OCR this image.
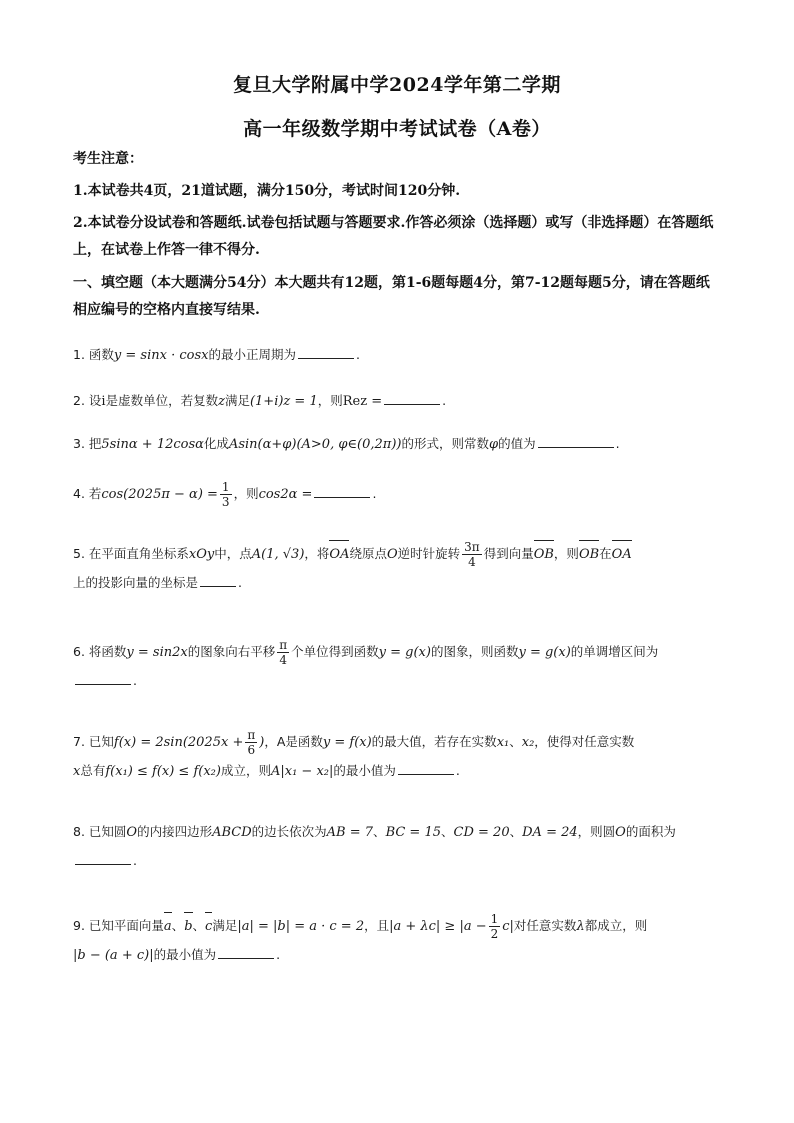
复旦大学附属中学2024学年第二学期
高一年级数学期中考试试卷（A卷）
考生注意：
1.本试卷共4页，21道试题，满分150分，考试时间120分钟.
2.本试卷分设试卷和答题纸.试卷包括试题与答题要求.作答必须涂（选择题）或写（非选择题）在答题纸上，在试卷上作答一律不得分.
一、填空题（本大题满分54分）本大题共有12题，第1-6题每题4分，第7-12题每题5分，请在答题纸相应编号的空格内直接写结果.
1. 函数y = sinx · cosx的最小正周期为	.
2. 设i是虚数单位，若复数z满足(1+i)z = 1，则Rez =	.
3. 把5sinα + 12cosα化成Asin(α+φ)(A>0, φ∈(0,2π))的形式，则常数φ的值为	.
4. 若$\cos(2025\pi - \alpha) = \frac{1}{3}$ ，则cos2α =	.
5. 在平面直角坐标系xOy中，点A(1, √3)，将OA绕原点O逆时针旋转 $\frac{3\pi}{4}$ 得到向量OB，则OB在OA
上的投影向量的坐标是	.
6. 将函数y = sin2x的图象向右平移 $\frac{\pi}{4}$ 个单位得到函数y = g(x)的图象，则函数y = g(x)的单调增区间为
.
7. 已知$f(x) = 2\sin(2025x + \frac{\pi}{6}$ )，A是函数y = f(x)的最大值，若存在实数x₁、x₂，使得对任意实数
x总有f(x₁) ≤ f(x) ≤ f(x₂)成立，则A|x₁ − x₂|的最小值为	.
8. 已知圆O的内接四边形ABCD的边长依次为AB = 7、BC = 15、CD = 20、DA = 24，则圆O的面积为.
9. 已知平面向量a、b、c满足|a| = |b| = a · c = 2，且$|a + \lambda c| \ge |a - \frac{1}{2} c|$对任意实数λ都成立，则
|b − (a + c)|的最小值为	.
